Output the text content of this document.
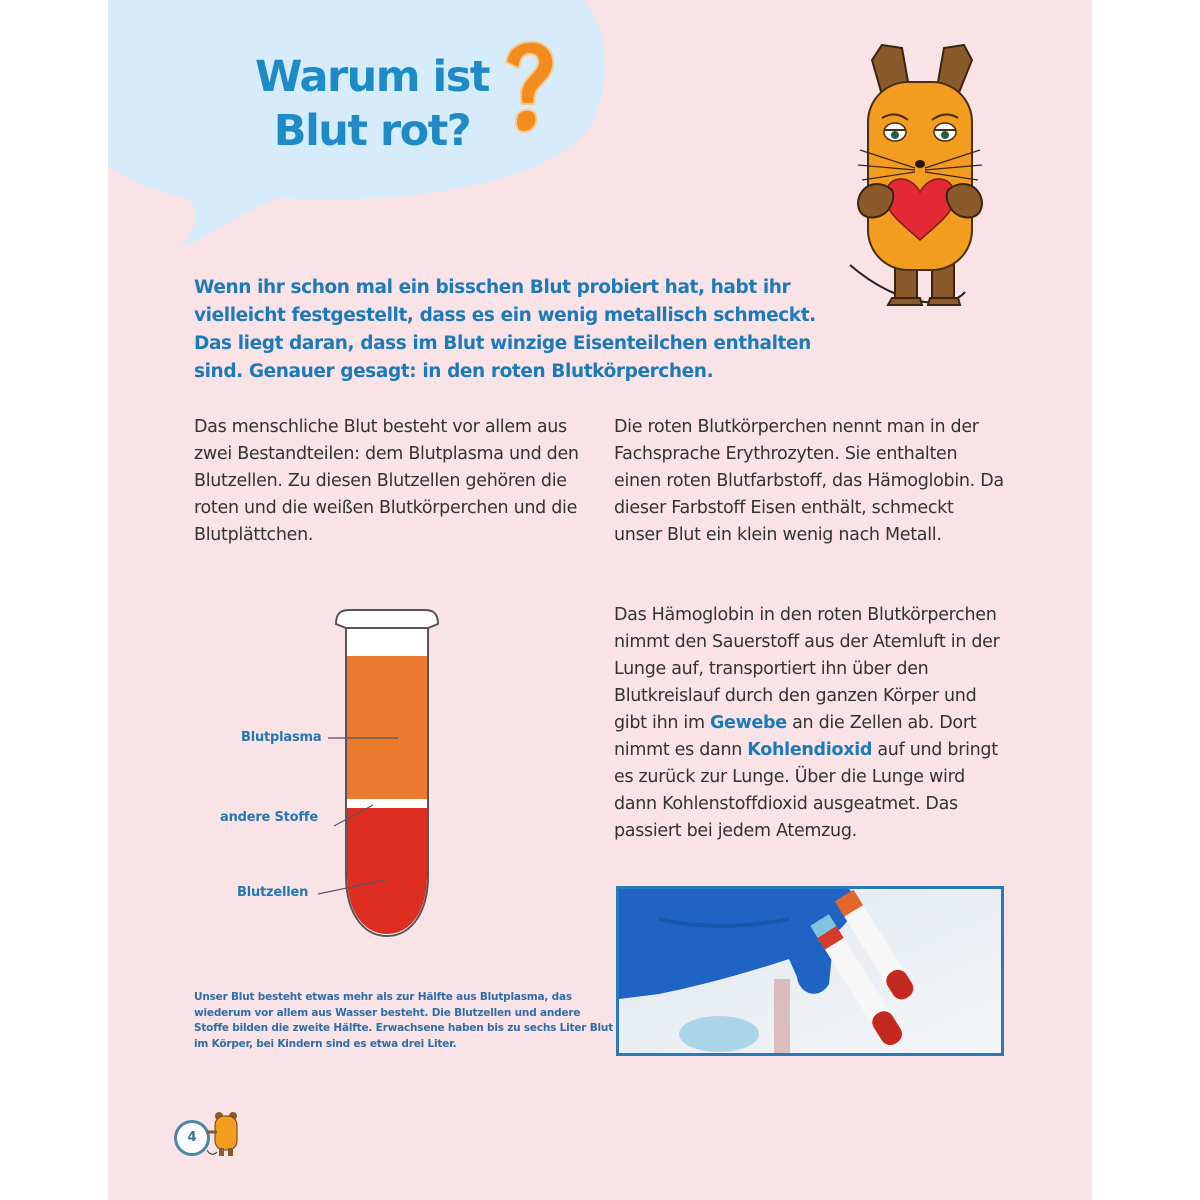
Warum ist
Blut rot?
Wenn ihr schon mal ein bisschen Blut probiert hat, habt ihr vielleicht festgestellt, dass es ein wenig metallisch schmeckt. Das liegt daran, dass im Blut winzige Eisenteilchen enthalten sind. Genauer gesagt: in den roten Blutkörperchen.

Das menschliche Blut besteht vor allem aus zwei Bestandteilen: dem Blutplasma und den Blutzellen. Zu diesen Blutzellen gehören die roten und die weißen Blutkörperchen und die Blutplättchen.

Die roten Blutkörperchen nennt man in der Fachsprache Erythrozyten. Sie enthalten einen roten Blutfarbstoff, das Hämoglobin. Da dieser Farbstoff Eisen enthält, schmeckt unser Blut ein klein wenig nach Metall.

Das Hämoglobin in den roten Blutkörperchen nimmt den Sauerstoff aus der Atemluft in der Lunge auf, transportiert ihn über den Blutkreislauf durch den ganzen Körper und gibt ihn im Gewebe an die Zellen ab. Dort nimmt es dann Kohlendioxid auf und bringt es zurück zur Lunge. Über die Lunge wird dann Kohlenstoffdioxid ausgeatmet. Das passiert bei jedem Atemzug.
Blutplasma
andere Stoffe
Blutzellen
Unser Blut besteht etwas mehr als zur Hälfte aus Blutplasma, das wiederum vor allem aus Wasser besteht. Die Blutzellen und andere Stoffe bilden die zweite Hälfte. Erwachsene haben bis zu sechs Liter Blut im Körper, bei Kindern sind es etwa drei Liter.
4
